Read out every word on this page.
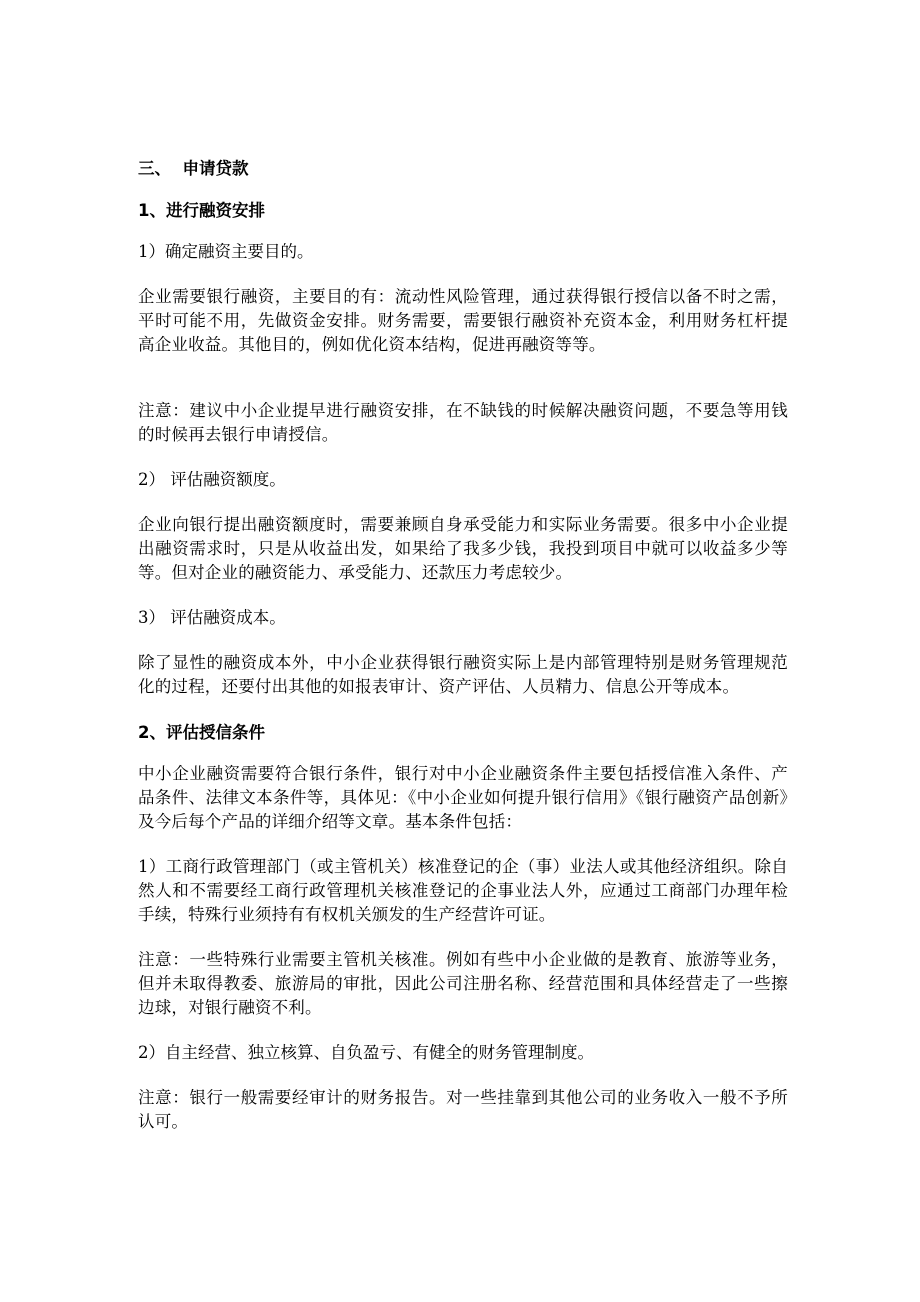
三、  申请贷款

1、进行融资安排

1）确定融资主要目的。

企业需要银行融资，主要目的有：流动性风险管理，通过获得银行授信以备不时之需，平时可能不用，先做资金安排。财务需要，需要银行融资补充资本金，利用财务杠杆提高企业收益。其他目的，例如优化资本结构，促进再融资等等。

注意：建议中小企业提早进行融资安排，在不缺钱的时候解决融资问题，不要急等用钱的时候再去银行申请授信。

2） 评估融资额度。

企业向银行提出融资额度时，需要兼顾自身承受能力和实际业务需要。很多中小企业提出融资需求时，只是从收益出发，如果给了我多少钱，我投到项目中就可以收益多少等等。但对企业的融资能力、承受能力、还款压力考虑较少。

3） 评估融资成本。

除了显性的融资成本外，中小企业获得银行融资实际上是内部管理特别是财务管理规范化的过程，还要付出其他的如报表审计、资产评估、人员精力、信息公开等成本。

2、评估授信条件

中小企业融资需要符合银行条件，银行对中小企业融资条件主要包括授信准入条件、产品条件、法律文本条件等，具体见：《中小企业如何提升银行信用》《银行融资产品创新》及今后每个产品的详细介绍等文章。基本条件包括：

1）工商行政管理部门（或主管机关）核准登记的企（事）业法人或其他经济组织。除自然人和不需要经工商行政管理机关核准登记的企事业法人外，应通过工商部门办理年检手续，特殊行业须持有有权机关颁发的生产经营许可证。

注意：一些特殊行业需要主管机关核准。例如有些中小企业做的是教育、旅游等业务，但并未取得教委、旅游局的审批，因此公司注册名称、经营范围和具体经营走了一些擦边球，对银行融资不利。

2）自主经营、独立核算、自负盈亏、有健全的财务管理制度。

注意：银行一般需要经审计的财务报告。对一些挂靠到其他公司的业务收入一般不予所认可。
